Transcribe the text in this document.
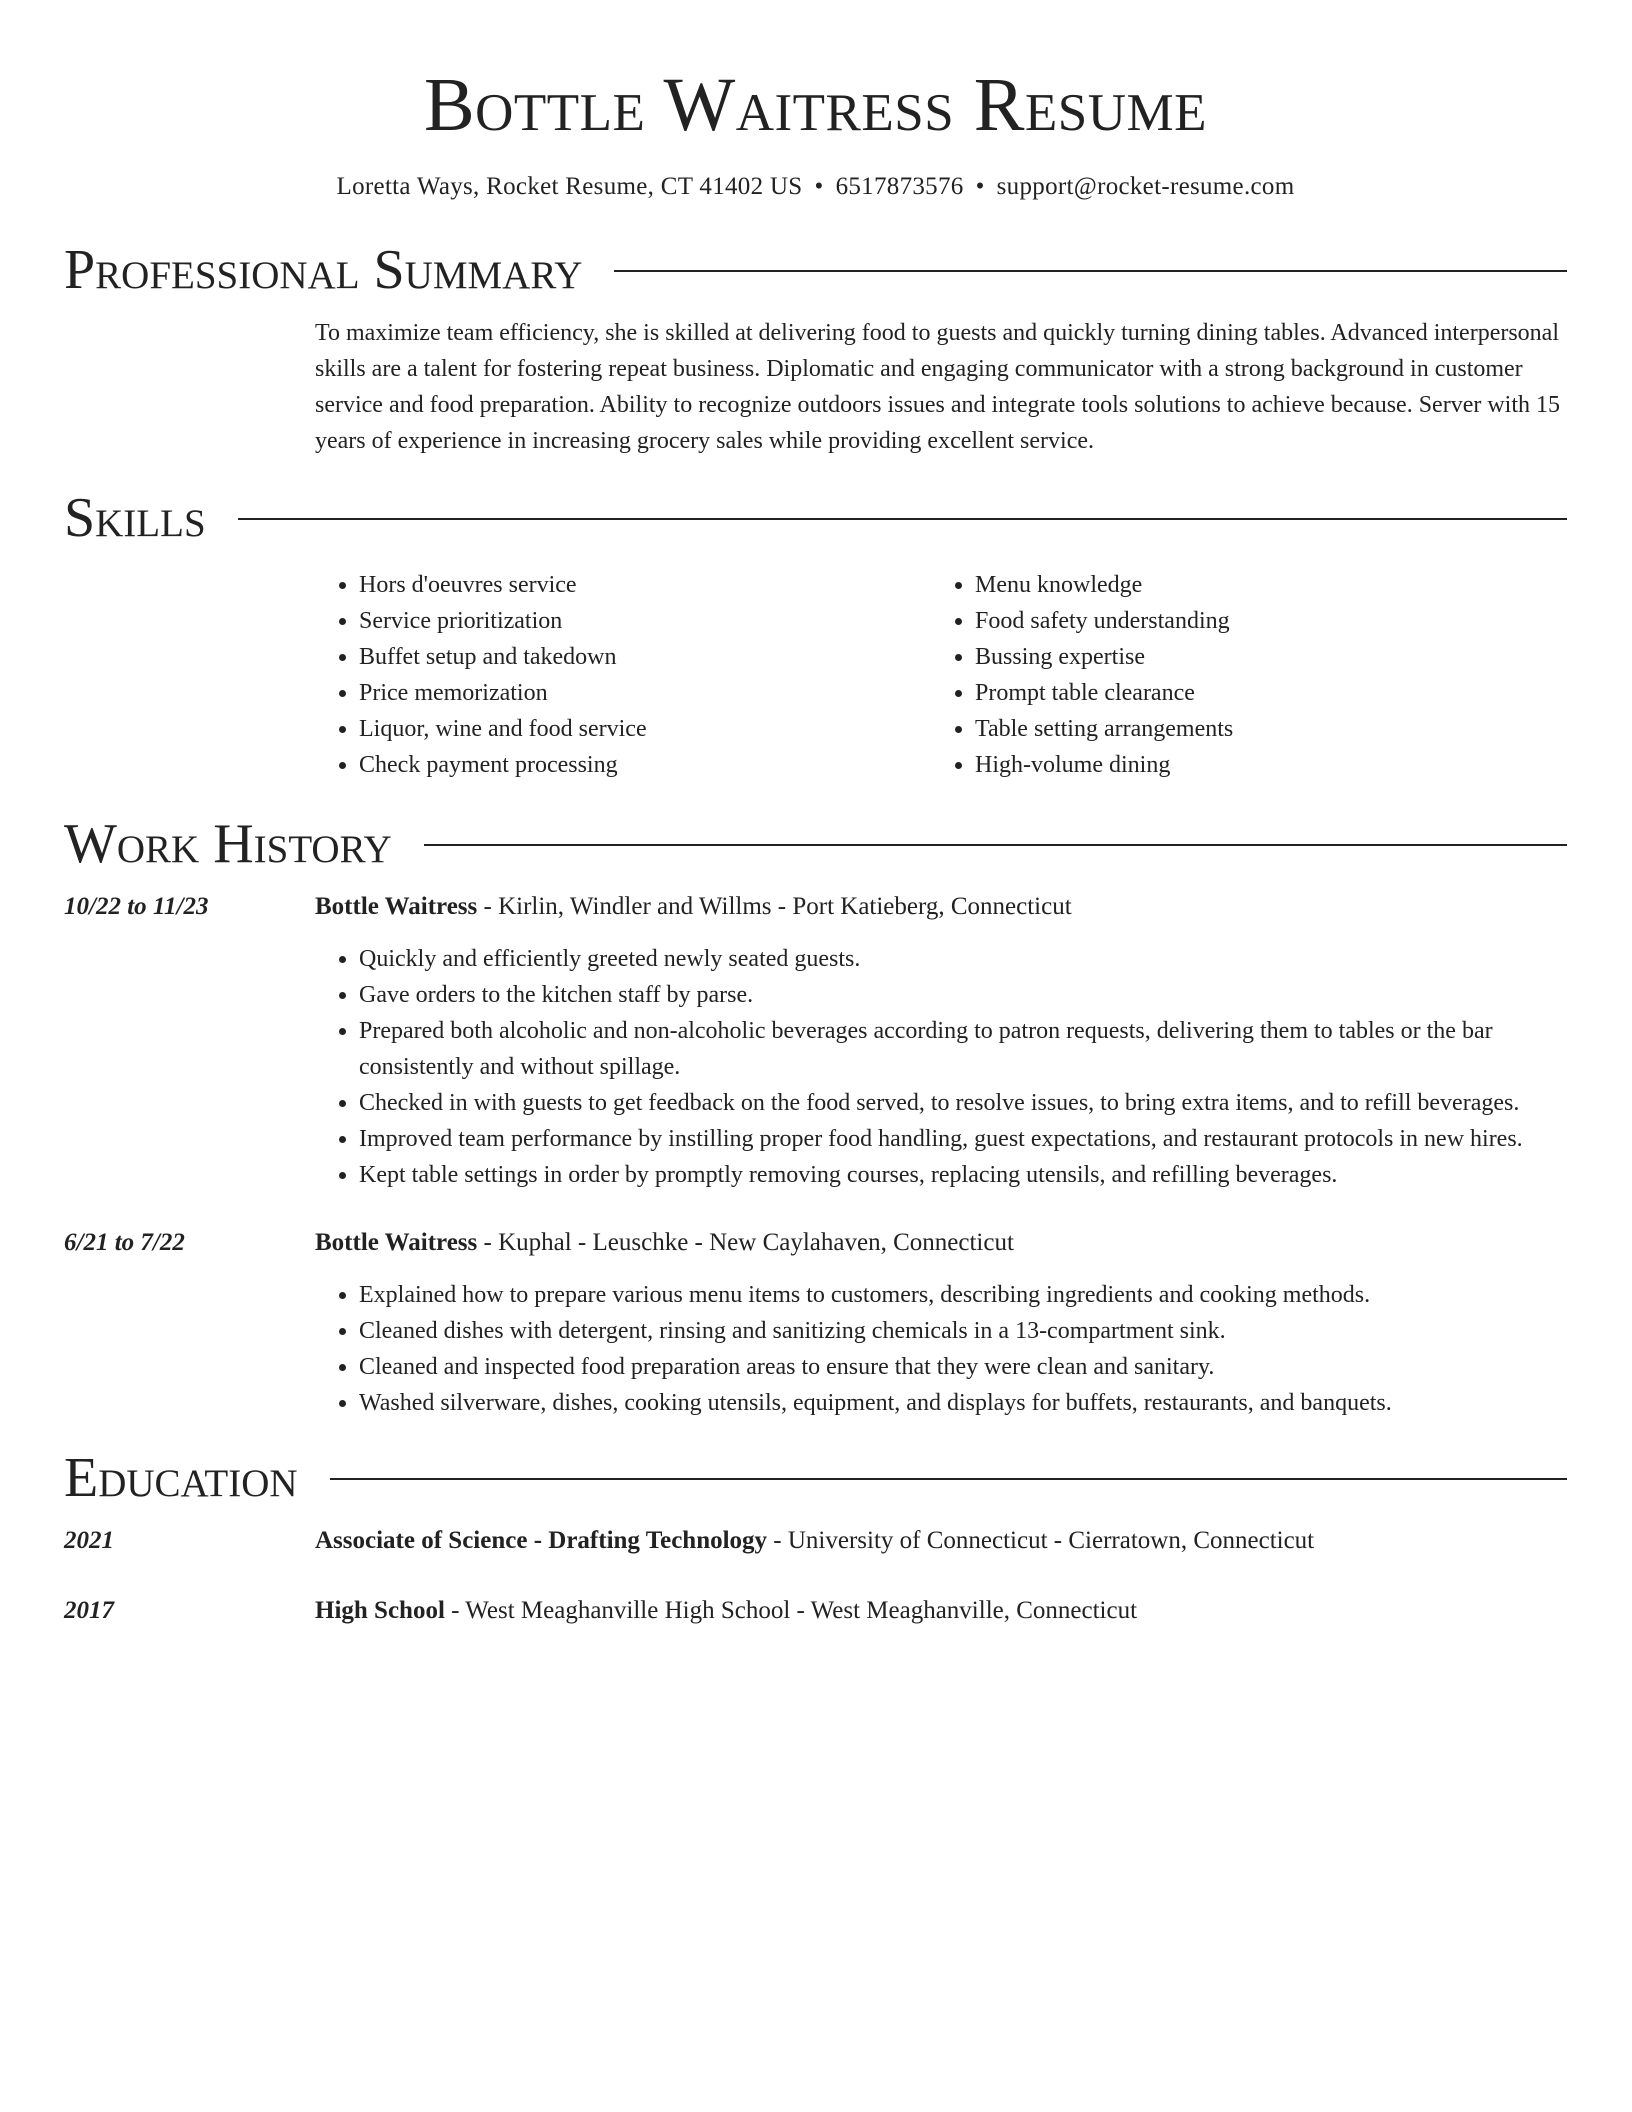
Bottle Waitress Resume
Loretta Ways, Rocket Resume, CT 41402 US • 6517873576 • support@rocket-resume.com
Professional Summary

To maximize team efficiency, she is skilled at delivering food to guests and quickly turning dining tables. Advanced interpersonal skills are a talent for fostering repeat business. Diplomatic and engaging communicator with a strong background in customer service and food preparation. Ability to recognize outdoors issues and integrate tools solutions to achieve because. Server with 15 years of experience in increasing grocery sales while providing excellent service.

Skills
• Hors d'oeuvres service
• Service prioritization
• Buffet setup and takedown
• Price memorization
• Liquor, wine and food service
• Check payment processing
• Menu knowledge
• Food safety understanding
• Bussing expertise
• Prompt table clearance
• Table setting arrangements
• High-volume dining
Work History
10/22 to 11/23	Bottle Waitress - Kirlin, Windler and Willms - Port Katieberg, Connecticut
• Quickly and efficiently greeted newly seated guests.
• Gave orders to the kitchen staff by parse.
• Prepared both alcoholic and non-alcoholic beverages according to patron requests, delivering them to tables or the bar consistently and without spillage.
• Checked in with guests to get feedback on the food served, to resolve issues, to bring extra items, and to refill beverages.
• Improved team performance by instilling proper food handling, guest expectations, and restaurant protocols in new hires.
• Kept table settings in order by promptly removing courses, replacing utensils, and refilling beverages.
6/21 to 7/22	Bottle Waitress - Kuphal - Leuschke - New Caylahaven, Connecticut
• Explained how to prepare various menu items to customers, describing ingredients and cooking methods.
• Cleaned dishes with detergent, rinsing and sanitizing chemicals in a 13-compartment sink.
• Cleaned and inspected food preparation areas to ensure that they were clean and sanitary.
• Washed silverware, dishes, cooking utensils, equipment, and displays for buffets, restaurants, and banquets.
Education
2021	Associate of Science - Drafting Technology - University of Connecticut - Cierratown, Connecticut
2017	High School - West Meaghanville High School - West Meaghanville, Connecticut
